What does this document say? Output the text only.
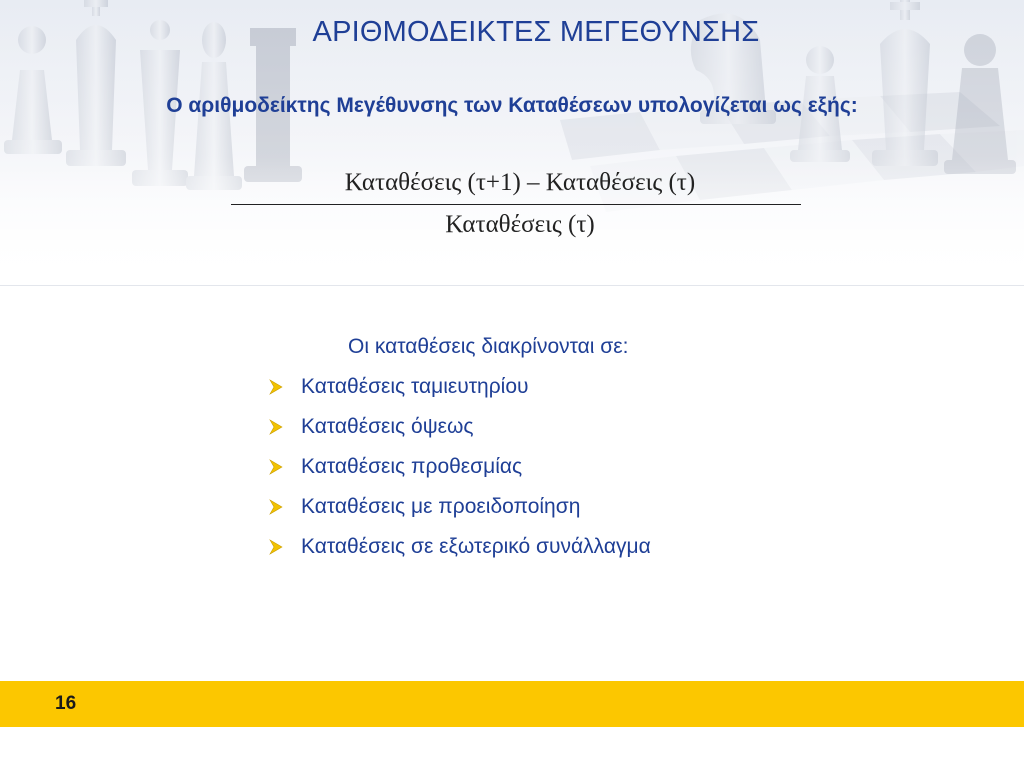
ΑΡΙΘΜΟΔΕΙΚΤΕΣ ΜΕΓΕΘΥΝΣΗΣ
Ο αριθμοδείκτης Μεγέθυνσης των Καταθέσεων υπολογίζεται ως εξής:
Καταθέσεις (τ+1) – Καταθέσεις (τ)
Καταθέσεις (τ)
Οι καταθέσεις διακρίνονται σε:
Καταθέσεις ταμιευτηρίου
Καταθέσεις όψεως
Καταθέσεις προθεσμίας
Καταθέσεις με προειδοποίηση
Καταθέσεις σε εξωτερικό συνάλλαγμα
16
